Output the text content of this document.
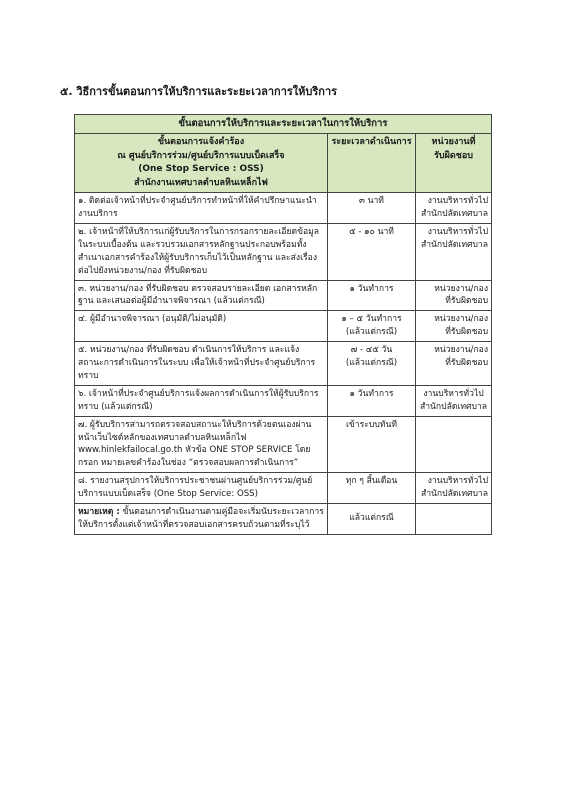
๕. วิธีการขั้นตอนการให้บริการและระยะเวลาการให้บริการ
ขั้นตอนการให้บริการและระยะเวลาในการให้บริการ		

ขั้นตอนการแจ้งคำร้อง
ณ ศูนย์บริการร่วม/ศูนย์บริการแบบเบ็ดเสร็จ
(One Stop Service : OSS)
สำนักงานเทศบาลตำบลหินเหล็กไฟ	ระยะเวลาดำเนินการ	หน่วยงานที่
รับผิดชอบ

๑. ติดต่อเจ้าหน้าที่ประจำศูนย์บริการทำหน้าที่ให้คำปรึกษาแนะนำงานบริการ	๓ นาที	งานบริหารทั่วไป
สำนักปลัดเทศบาล

๒. เจ้าหน้าที่ให้บริการแก่ผู้รับบริการในการกรอกรายละเอียดข้อมูลในระบบเบื้องต้น และรวบรวมเอกสารหลักฐานประกอบพร้อมทั้งสำเนาเอกสารคำร้องให้ผู้รับบริการเก็บไว้เป็นหลักฐาน และส่งเรื่องต่อไปยังหน่วยงาน/กอง ที่รับผิดชอบ	๕ - ๑๐ นาที	งานบริหารทั่วไป
สำนักปลัดเทศบาล

๓. หน่วยงาน/กอง ที่รับผิดชอบ ตรวจสอบรายละเอียด เอกสารหลักฐาน และเสนอต่อผู้มีอำนาจพิจารณา (แล้วแต่กรณี)	๑ วันทำการ	หน่วยงาน/กอง
ที่รับผิดชอบ

๔. ผู้มีอำนาจพิจารณา (อนุมัติ/ไม่อนุมัติ)	๑ – ๕ วันทำการ
(แล้วแต่กรณี)	หน่วยงาน/กอง
ที่รับผิดชอบ

๕. หน่วยงาน/กอง ที่รับผิดชอบ ดำเนินการให้บริการ และแจ้งสถานะการดำเนินการในระบบ เพื่อให้เจ้าหน้าที่ประจำศูนย์บริการทราบ	๗ - ๔๕ วัน
(แล้วแต่กรณี)	หน่วยงาน/กอง
ที่รับผิดชอบ

๖. เจ้าหน้าที่ประจำศูนย์บริการแจ้งผลการดำเนินการให้ผู้รับบริการทราบ (แล้วแต่กรณี)	๑ วันทำการ	งานบริหารทั่วไป
สำนักปลัดเทศบาล

๗. ผู้รับบริการสามารถตรวจสอบสถานะให้บริการด้วยตนเองผ่านหน้าเว็บไซต์หลักของเทศบาลตำบลหินเหล็กไฟ www.hinlekfailocal.go.th หัวข้อ ONE STOP SERVICE โดยกรอก หมายเลขคำร้องในช่อง “ตรวจสอบผลการดำเนินการ”	เข้าระบบทันที	

๘. รายงานสรุปการให้บริการประชาชนผ่านศูนย์บริการร่วม/ศูนย์บริการแบบเบ็ดเสร็จ (One Stop Service: OSS)	ทุก ๆ สิ้นเดือน	งานบริหารทั่วไป
สำนักปลัดเทศบาล

หมายเหตุ : ขั้นตอนการดำเนินงานตามคู่มือจะเริ่มนับระยะเวลาการให้บริการตั้งแต่เจ้าหน้าที่ตรวจสอบเอกสารครบถ้วนตามที่ระบุไว้	แล้วแต่กรณี	
